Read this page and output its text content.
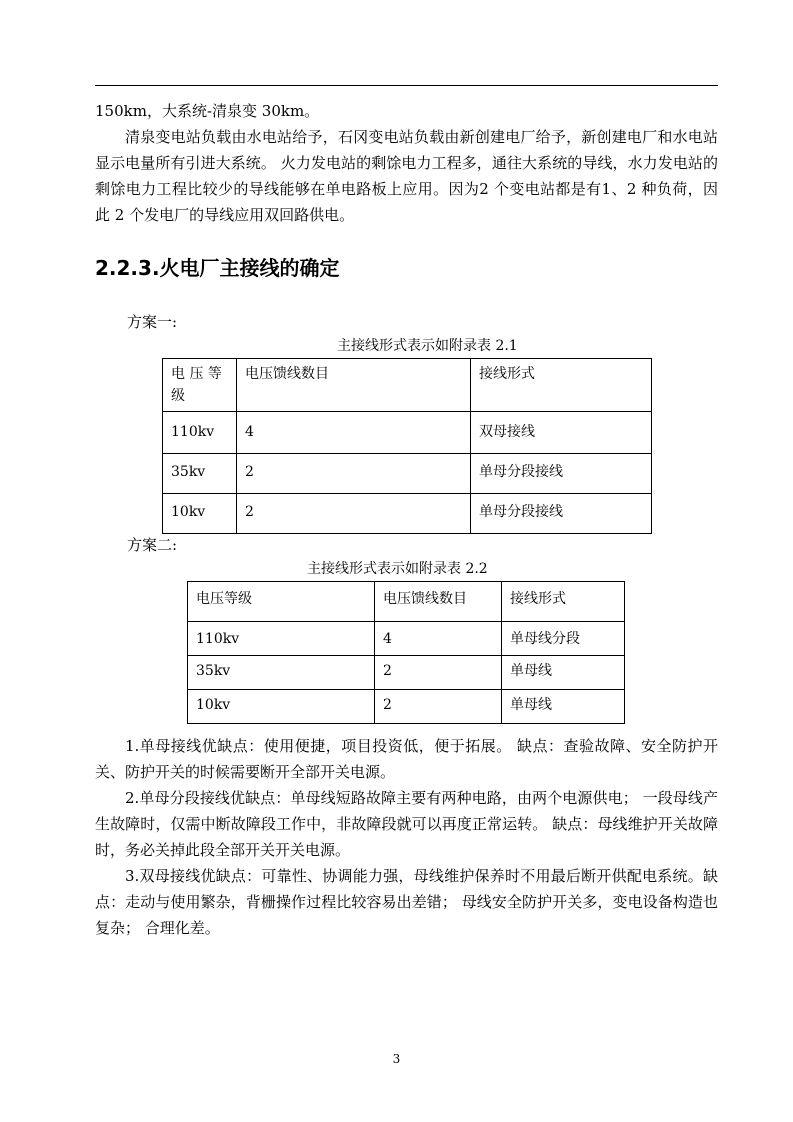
150km，大系统-清泉变 30km。

清泉变电站负载由水电站给予，石冈变电站负载由新创建电厂给予，新创建电厂和水电站显示电量所有引进大系统。 火力发电站的剩馀电力工程多，通往大系统的导线，水力发电站的剩馀电力工程比较少的导线能够在单电路板上应用。因为2 个变电站都是有1、2 种负荷，因此 2 个发电厂的导线应用双回路供电。

2.2.3.火电厂主接线的确定
方案一:
主接线形式表示如附录表 2.1
电 压 等级	电压馈线数目	接线形式
110kv	4	双母接线
35kv	2	单母分段接线
10kv	2	单母分段接线
方案二:
主接线形式表示如附录表 2.2
电压等级	电压馈线数目	接线形式
110kv	4	单母线分段
35kv	2	单母线
10kv	2	单母线

1.单母接线优缺点：使用便捷，项目投资低，便于拓展。 缺点：查验故障、安全防护开关、防护开关的时候需要断开全部开关电源。

2.单母分段接线优缺点：单母线短路故障主要有两种电路，由两个电源供电； 一段母线产生故障时，仅需中断故障段工作中，非故障段就可以再度正常运转。 缺点：母线维护开关故障时，务必关掉此段全部开关开关电源。

3.双母接线优缺点：可靠性、协调能力强，母线维护保养时不用最后断开供配电系统。缺点：走动与使用繁杂，背栅操作过程比较容易出差错； 母线安全防护开关多，变电设备构造也复杂； 合理化差。

3
